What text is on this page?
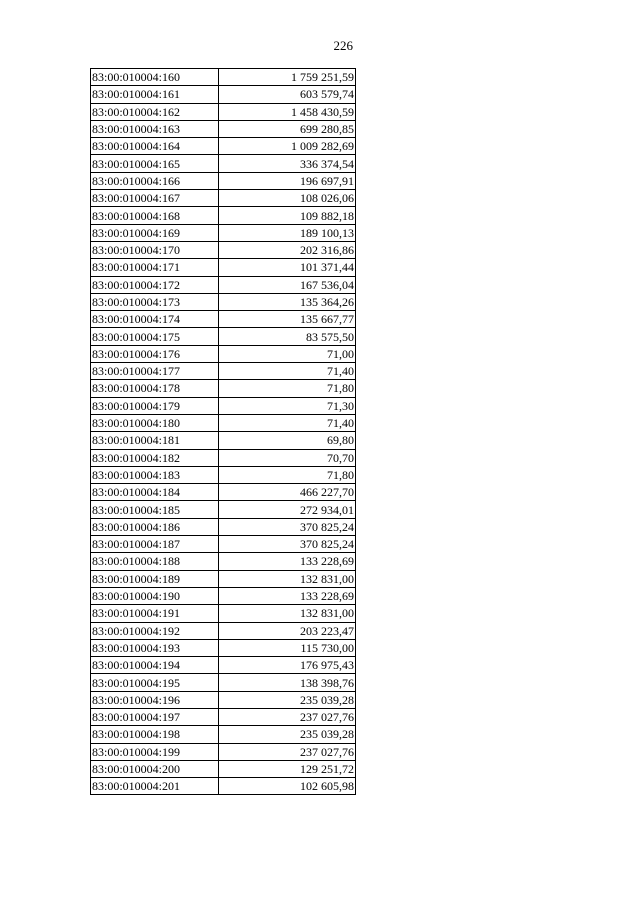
226
83:00:010004:160	1 759 251,59
83:00:010004:161	603 579,74
83:00:010004:162	1 458 430,59
83:00:010004:163	699 280,85
83:00:010004:164	1 009 282,69
83:00:010004:165	336 374,54
83:00:010004:166	196 697,91
83:00:010004:167	108 026,06
83:00:010004:168	109 882,18
83:00:010004:169	189 100,13
83:00:010004:170	202 316,86
83:00:010004:171	101 371,44
83:00:010004:172	167 536,04
83:00:010004:173	135 364,26
83:00:010004:174	135 667,77
83:00:010004:175	83 575,50
83:00:010004:176	71,00
83:00:010004:177	71,40
83:00:010004:178	71,80
83:00:010004:179	71,30
83:00:010004:180	71,40
83:00:010004:181	69,80
83:00:010004:182	70,70
83:00:010004:183	71,80
83:00:010004:184	466 227,70
83:00:010004:185	272 934,01
83:00:010004:186	370 825,24
83:00:010004:187	370 825,24
83:00:010004:188	133 228,69
83:00:010004:189	132 831,00
83:00:010004:190	133 228,69
83:00:010004:191	132 831,00
83:00:010004:192	203 223,47
83:00:010004:193	115 730,00
83:00:010004:194	176 975,43
83:00:010004:195	138 398,76
83:00:010004:196	235 039,28
83:00:010004:197	237 027,76
83:00:010004:198	235 039,28
83:00:010004:199	237 027,76
83:00:010004:200	129 251,72
83:00:010004:201	102 605,98
